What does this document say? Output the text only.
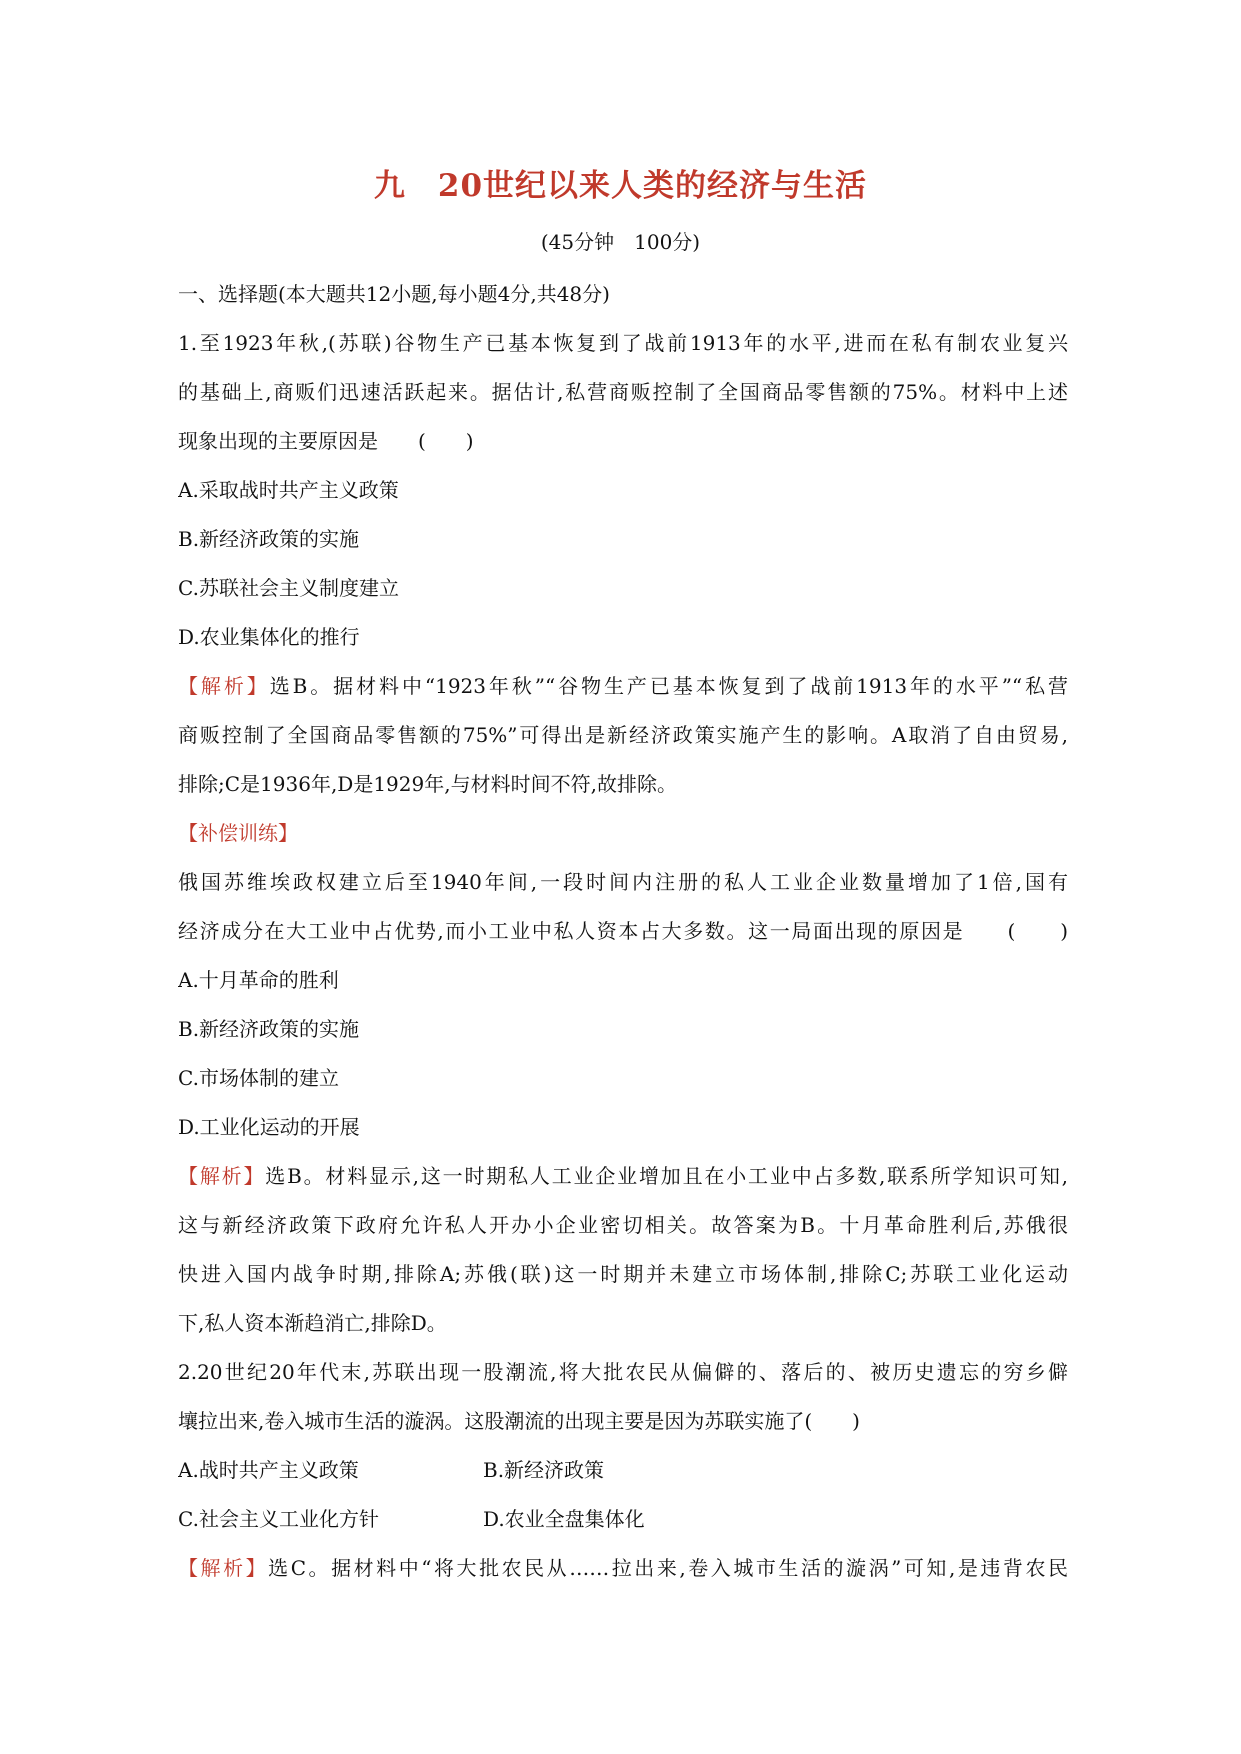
九　20世纪以来人类的经济与生活
(45分钟　100分)
一、选择题(本大题共12小题,每小题4分,共48分)
1.至1923年秋,(苏联)谷物生产已基本恢复到了战前1913年的水平,进而在私有制农业复兴
的基础上,商贩们迅速活跃起来。据估计,私营商贩控制了全国商品零售额的75%。材料中上述
现象出现的主要原因是　　(　　)
A.采取战时共产主义政策
B.新经济政策的实施
C.苏联社会主义制度建立
D.农业集体化的推行
【解析】选B。据材料中“1923年秋”“谷物生产已基本恢复到了战前1913年的水平”“私营
商贩控制了全国商品零售额的75%”可得出是新经济政策实施产生的影响。A取消了自由贸易,
排除;C是1936年,D是1929年,与材料时间不符,故排除。
【补偿训练】
俄国苏维埃政权建立后至1940年间,一段时间内注册的私人工业企业数量增加了1倍,国有
经济成分在大工业中占优势,而小工业中私人资本占大多数。这一局面出现的原因是　　(　　)
A.十月革命的胜利
B.新经济政策的实施
C.市场体制的建立
D.工业化运动的开展
【解析】选B。材料显示,这一时期私人工业企业增加且在小工业中占多数,联系所学知识可知,
这与新经济政策下政府允许私人开办小企业密切相关。故答案为B。十月革命胜利后,苏俄很
快进入国内战争时期,排除A;苏俄(联)这一时期并未建立市场体制,排除C;苏联工业化运动
下,私人资本渐趋消亡,排除D。
2.20世纪20年代末,苏联出现一股潮流,将大批农民从偏僻的、落后的、被历史遗忘的穷乡僻
壤拉出来,卷入城市生活的漩涡。这股潮流的出现主要是因为苏联实施了(　　)
A.战时共产主义政策	B.新经济政策
C.社会主义工业化方针	D.农业全盘集体化
【解析】选C。据材料中“将大批农民从……拉出来,卷入城市生活的漩涡”可知,是违背农民
